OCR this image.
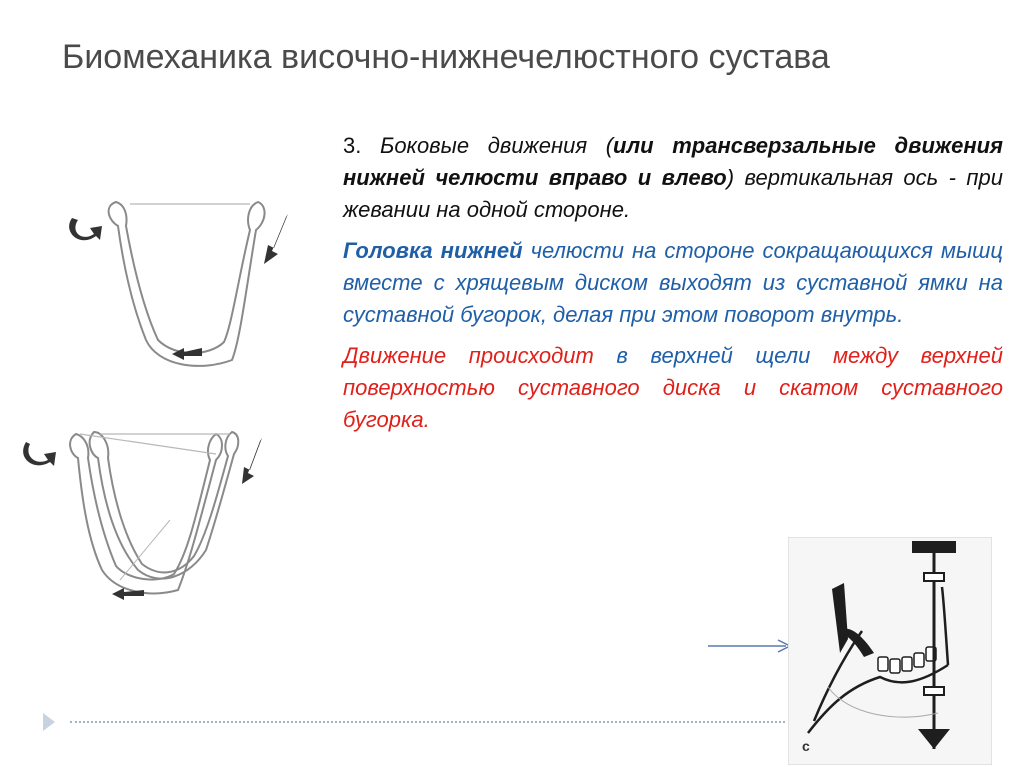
Биомеханика височно-нижнечелюстного сустава

3. Боковые движения (или трансверзальные движения нижней челюсти вправо и влево) вертикальная ось - при жевании на одной стороне.

Головка нижней челюсти на стороне сокращающихся мышц вместе с хрящевым диском выходят из суставной ямки на суставной бугорок, делая при этом поворот внутрь.

Движение происходит в верхней щели между верхней поверхностью суставного диска и скатом суставного бугорка.

c
